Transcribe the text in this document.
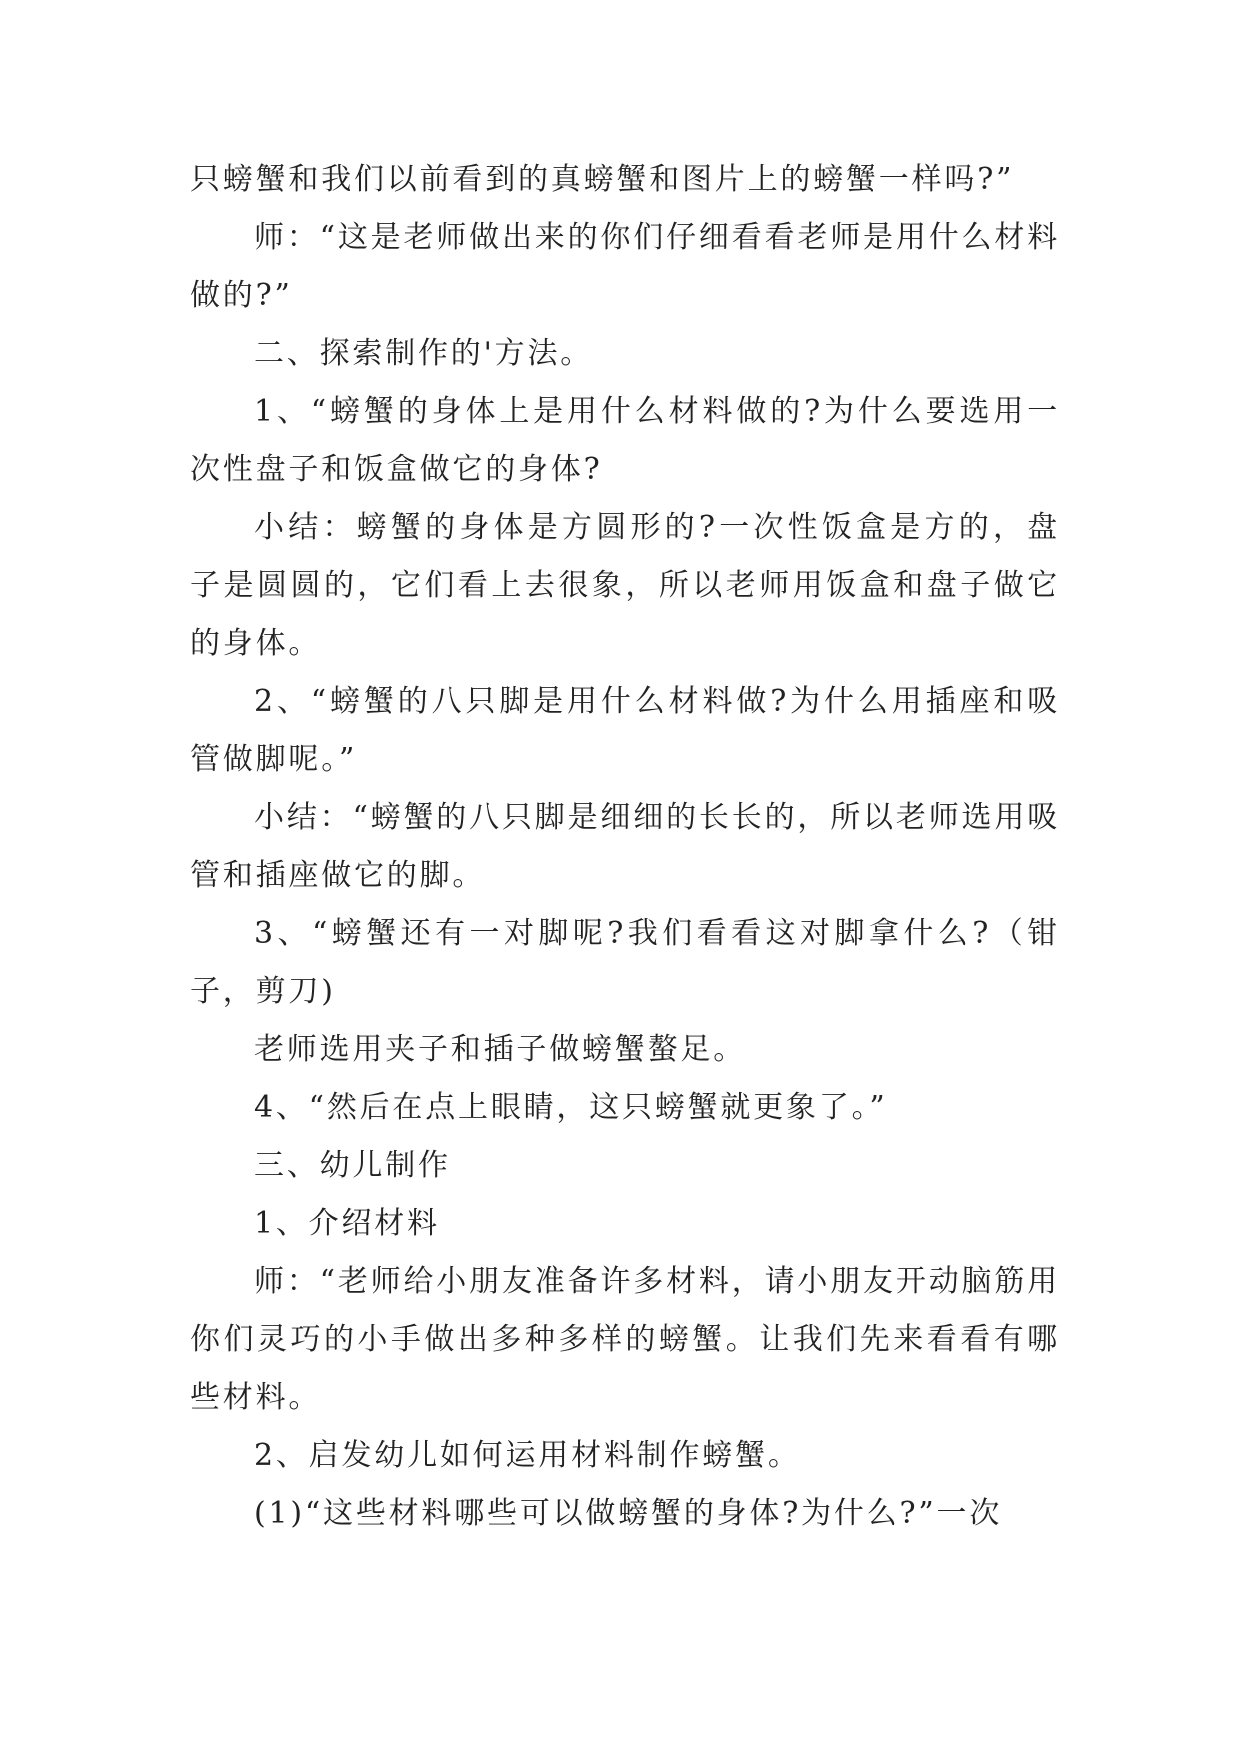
只螃蟹和我们以前看到的真螃蟹和图片上的螃蟹一样吗?”

师：“这是老师做出来的你们仔细看看老师是用什么材料做的?”

二、探索制作的'方法。

1、“螃蟹的身体上是用什么材料做的?为什么要选用一次性盘子和饭盒做它的身体?

小结：螃蟹的身体是方圆形的?一次性饭盒是方的，盘子是圆圆的，它们看上去很象，所以老师用饭盒和盘子做它的身体。

2、“螃蟹的八只脚是用什么材料做?为什么用插座和吸管做脚呢。”

小结：“螃蟹的八只脚是细细的长长的，所以老师选用吸管和插座做它的脚。

3、“螃蟹还有一对脚呢?我们看看这对脚拿什么?（钳子，剪刀)

老师选用夹子和插子做螃蟹螯足。

4、“然后在点上眼睛，这只螃蟹就更象了。”

三、幼儿制作

1、介绍材料

师：“老师给小朋友准备许多材料，请小朋友开动脑筋用你们灵巧的小手做出多种多样的螃蟹。让我们先来看看有哪些材料。

2、启发幼儿如何运用材料制作螃蟹。

(1)“这些材料哪些可以做螃蟹的身体?为什么?”一次
